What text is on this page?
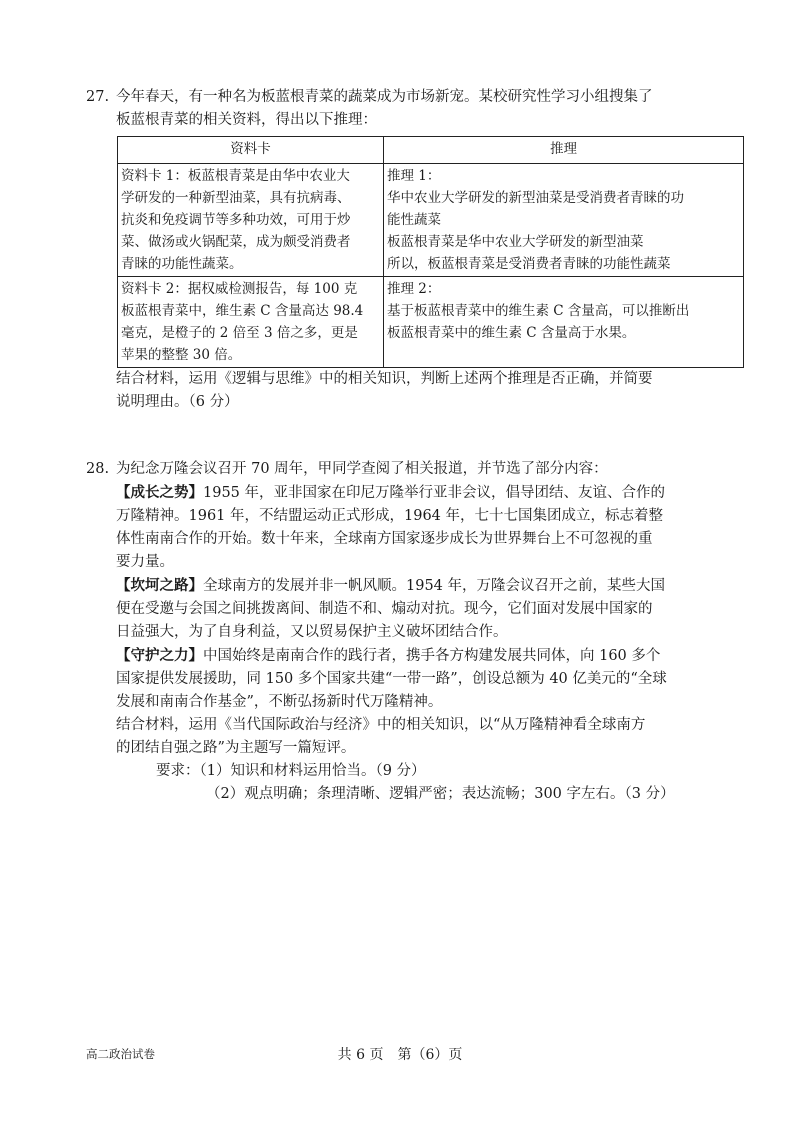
27. 今年春天，有一种名为板蓝根青菜的蔬菜成为市场新宠。某校研究性学习小组搜集了
板蓝根青菜的相关资料，得出以下推理：
资料卡	推理

资料卡 1：板蓝根青菜是由华中农业大
学研发的一种新型油菜，具有抗病毒、
抗炎和免疫调节等多种功效，可用于炒
菜、做汤或火锅配菜，成为颇受消费者
青睐的功能性蔬菜。	推理 1：
华中农业大学研发的新型油菜是受消费者青睐的功
能性蔬菜
板蓝根青菜是华中农业大学研发的新型油菜
所以，板蓝根青菜是受消费者青睐的功能性蔬菜

资料卡 2：据权威检测报告，每 100 克
板蓝根青菜中，维生素 C 含量高达 98.4
毫克，是橙子的 2 倍至 3 倍之多，更是
苹果的整整 30 倍。	推理 2：
基于板蓝根青菜中的维生素 C 含量高，可以推断出
板蓝根青菜中的维生素 C 含量高于水果。
结合材料，运用《逻辑与思维》中的相关知识，判断上述两个推理是否正确，并简要
说明理由。（6 分）
28. 为纪念万隆会议召开 70 周年，甲同学查阅了相关报道，并节选了部分内容：
【成长之势】1955 年，亚非国家在印尼万隆举行亚非会议，倡导团结、友谊、合作的
万隆精神。1961 年，不结盟运动正式形成，1964 年，七十七国集团成立，标志着整
体性南南合作的开始。数十年来，全球南方国家逐步成长为世界舞台上不可忽视的重
要力量。
【坎坷之路】全球南方的发展并非一帆风顺。1954 年，万隆会议召开之前，某些大国
便在受邀与会国之间挑拨离间、制造不和、煽动对抗。现今，它们面对发展中国家的
日益强大，为了自身利益，又以贸易保护主义破坏团结合作。
【守护之力】中国始终是南南合作的践行者，携手各方构建发展共同体，向 160 多个
国家提供发展援助，同 150 多个国家共建“一带一路”，创设总额为 40 亿美元的“全球
发展和南南合作基金”，不断弘扬新时代万隆精神。
结合材料，运用《当代国际政治与经济》中的相关知识，以“从万隆精神看全球南方
的团结自强之路”为主题写一篇短评。
要求：（1）知识和材料运用恰当。（9 分）
（2）观点明确；条理清晰、逻辑严密；表达流畅；300 字左右。（3 分）
高二政治试卷	共 6 页　第（6）页
